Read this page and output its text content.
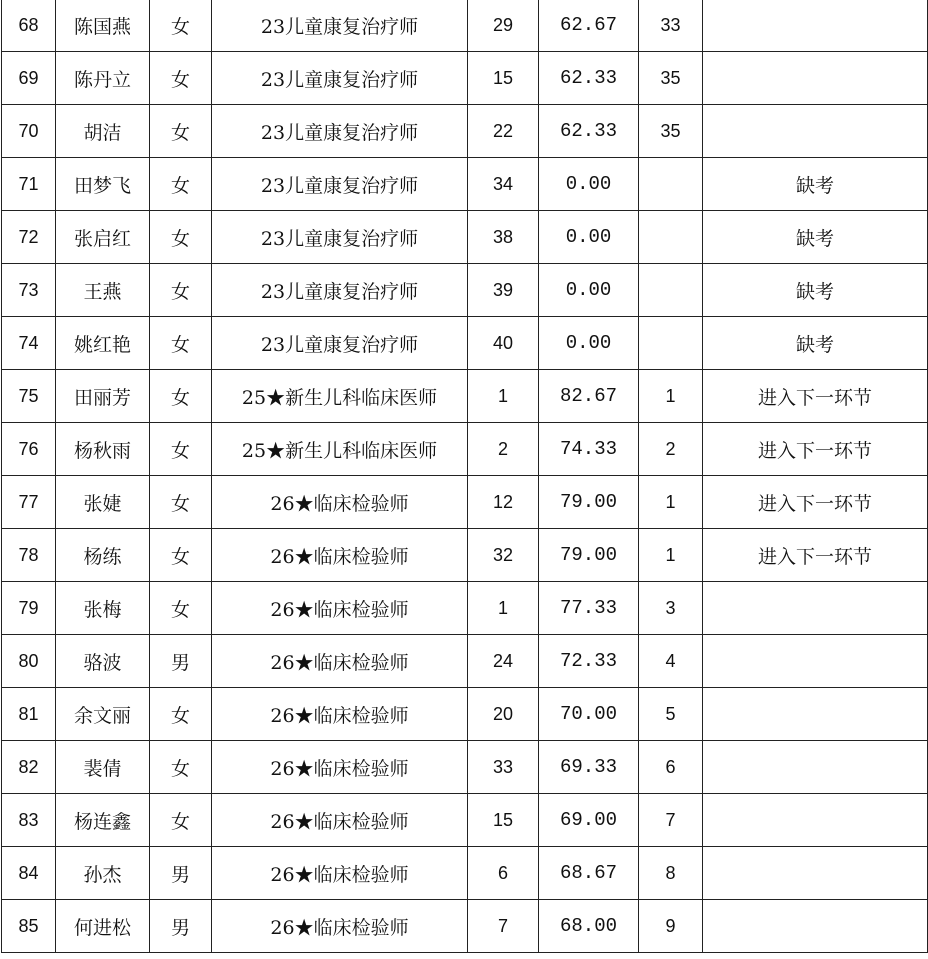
68	陈国燕	女	23儿童康复治疗师	29	62.67	33	
69	陈丹立	女	23儿童康复治疗师	15	62.33	35	
70	胡洁	女	23儿童康复治疗师	22	62.33	35	
71	田梦飞	女	23儿童康复治疗师	34	0.00		缺考
72	张启红	女	23儿童康复治疗师	38	0.00		缺考
73	王燕	女	23儿童康复治疗师	39	0.00		缺考
74	姚红艳	女	23儿童康复治疗师	40	0.00		缺考
75	田丽芳	女	25★新生儿科临床医师	1	82.67	1	进入下一环节
76	杨秋雨	女	25★新生儿科临床医师	2	74.33	2	进入下一环节
77	张婕	女	26★临床检验师	12	79.00	1	进入下一环节
78	杨练	女	26★临床检验师	32	79.00	1	进入下一环节
79	张梅	女	26★临床检验师	1	77.33	3	
80	骆波	男	26★临床检验师	24	72.33	4	
81	余文丽	女	26★临床检验师	20	70.00	5	
82	裴倩	女	26★临床检验师	33	69.33	6	
83	杨连鑫	女	26★临床检验师	15	69.00	7	
84	孙杰	男	26★临床检验师	6	68.67	8	
85	何进松	男	26★临床检验师	7	68.00	9	
